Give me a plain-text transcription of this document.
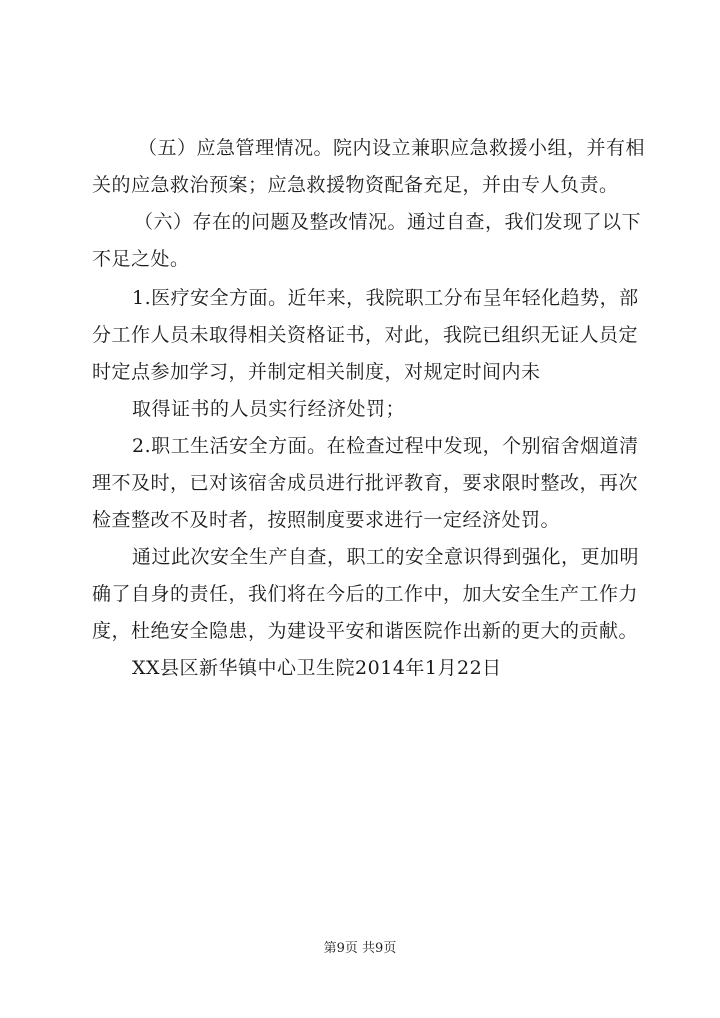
（五）应急管理情况。院内设立兼职应急救援小组，并有相
关的应急救治预案；应急救援物资配备充足，并由专人负责。
（六）存在的问题及整改情况。通过自查，我们发现了以下
不足之处。
1.医疗安全方面。近年来，我院职工分布呈年轻化趋势，部
分工作人员未取得相关资格证书，对此，我院已组织无证人员定
时定点参加学习，并制定相关制度，对规定时间内未
取得证书的人员实行经济处罚；
2.职工生活安全方面。在检查过程中发现，个别宿舍烟道清
理不及时，已对该宿舍成员进行批评教育，要求限时整改，再次
检查整改不及时者，按照制度要求进行一定经济处罚。
通过此次安全生产自查，职工的安全意识得到强化，更加明
确了自身的责任，我们将在今后的工作中，加大安全生产工作力
度，杜绝安全隐患，为建设平安和谐医院作出新的更大的贡献。
XX县区新华镇中心卫生院2014年1月22日
第9页 共9页
